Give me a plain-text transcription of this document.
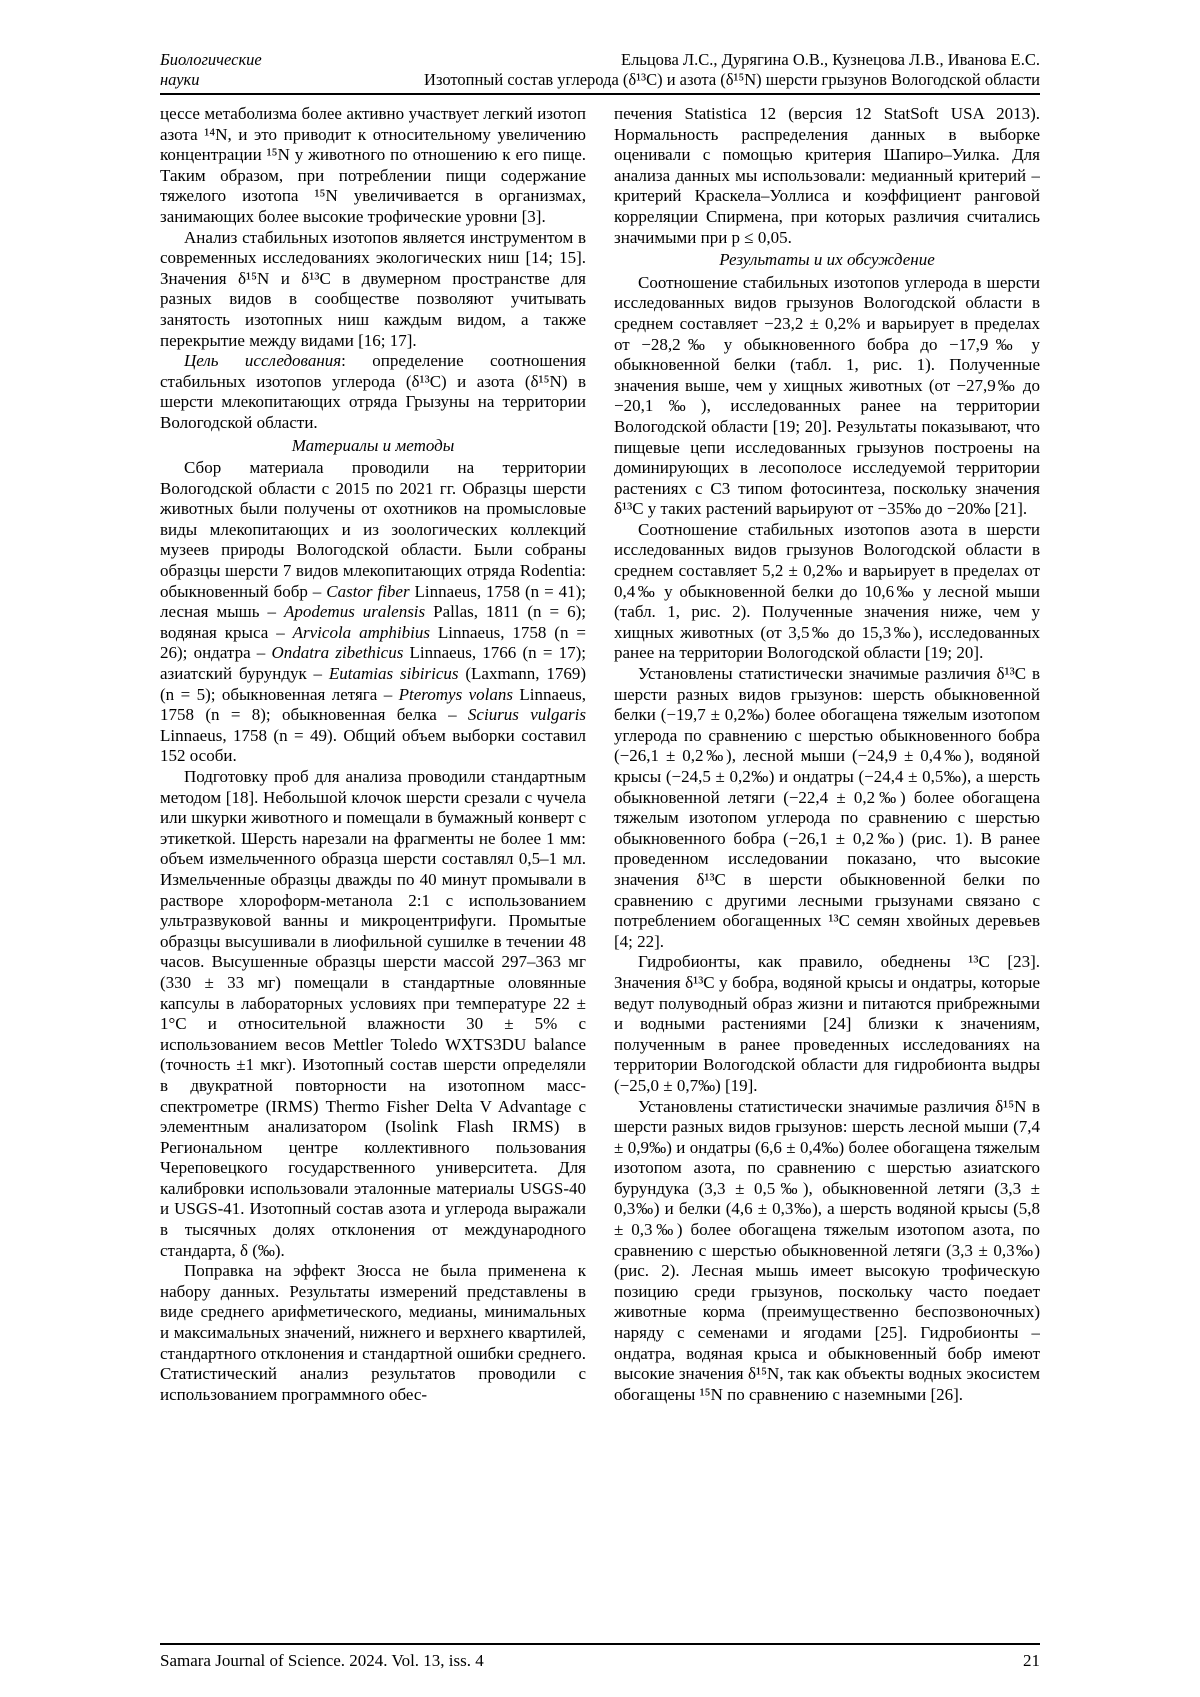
Биологические
науки
Ельцова Л.С., Дурягина О.В., Кузнецова Л.В., Иванова Е.С.
Изотопный состав углерода (δ¹³C) и азота (δ¹⁵N) шерсти грызунов Вологодской области

цессе метаболизма более активно участвует легкий изотоп азота ¹⁴N, и это приводит к относительному увеличению концентрации ¹⁵N у животного по отношению к его пище. Таким образом, при потреблении пищи содержание тяжелого изотопа ¹⁵N увеличивается в организмах, занимающих более высокие трофические уровни [3].

Анализ стабильных изотопов является инструментом в современных исследованиях экологических ниш [14; 15]. Значения δ¹⁵N и δ¹³C в двумерном пространстве для разных видов в сообществе позволяют учитывать занятость изотопных ниш каждым видом, а также перекрытие между видами [16; 17].

Цель исследования: определение соотношения стабильных изотопов углерода (δ¹³C) и азота (δ¹⁵N) в шерсти млекопитающих отряда Грызуны на территории Вологодской области.

Материалы и методы

Сбор материала проводили на территории Вологодской области с 2015 по 2021 гг. Образцы шерсти животных были получены от охотников на промысловые виды млекопитающих и из зоологических коллекций музеев природы Вологодской области. Были собраны образцы шерсти 7 видов млекопитающих отряда Rodentia: обыкновенный бобр – Castor fiber Linnaeus, 1758 (n = 41); лесная мышь – Apodemus uralensis Pallas, 1811 (n = 6); водяная крыса – Arvicola amphibius Linnaeus, 1758 (n = 26); ондатра – Ondatra zibethicus Linnaeus, 1766 (n = 17); азиатский бурундук – Eutamias sibiricus (Laxmann, 1769) (n = 5); обыкновенная летяга – Pteromys volans Linnaeus, 1758 (n = 8); обыкновенная белка – Sciurus vulgaris Linnaeus, 1758 (n = 49). Общий объем выборки составил 152 особи.

Подготовку проб для анализа проводили стандартным методом [18]. Небольшой клочок шерсти срезали с чучела или шкурки животного и помещали в бумажный конверт с этикеткой. Шерсть нарезали на фрагменты не более 1 мм: объем измельченного образца шерсти составлял 0,5–1 мл. Измельченные образцы дважды по 40 минут промывали в растворе хлороформ-метанола 2:1 с использованием ультразвуковой ванны и микроцентрифуги. Промытые образцы высушивали в лиофильной сушилке в течении 48 часов. Высушенные образцы шерсти массой 297–363 мг (330 ± 33 мг) помещали в стандартные оловянные капсулы в лабораторных условиях при температуре 22 ± 1°C и относительной влажности 30 ± 5% с использованием весов Mettler Toledo WXTS3DU balance (точность ±1 мкг). Изотопный состав шерсти определяли в двукратной повторности на изотопном масс-спектрометре (IRMS) Thermo Fisher Delta V Advantage с элементным анализатором (Isolink Flash IRMS) в Региональном центре коллективного пользования Череповецкого государственного университета. Для калибровки использовали эталонные материалы USGS-40 и USGS-41. Изотопный состав азота и углерода выражали в тысячных долях отклонения от международного стандарта, δ (‰).

Поправка на эффект Зюсса не была применена к набору данных. Результаты измерений представлены в виде среднего арифметического, медианы, минимальных и максимальных значений, нижнего и верхнего квартилей, стандартного отклонения и стандартной ошибки среднего. Статистический анализ результатов проводили с использованием программного обес-

печения Statistica 12 (версия 12 StatSoft USA 2013). Нормальность распределения данных в выборке оценивали с помощью критерия Шапиро–Уилка. Для анализа данных мы использовали: медианный критерий – критерий Краскела–Уоллиса и коэффициент ранговой корреляции Спирмена, при которых различия считались значимыми при p ≤ 0,05.

Результаты и их обсуждение

Соотношение стабильных изотопов углерода в шерсти исследованных видов грызунов Вологодской области в среднем составляет −23,2 ± 0,2% и варьирует в пределах от −28,2‰ у обыкновенного бобра до −17,9‰ у обыкновенной белки (табл. 1, рис. 1). Полученные значения выше, чем у хищных животных (от −27,9‰ до −20,1‰), исследованных ранее на территории Вологодской области [19; 20]. Результаты показывают, что пищевые цепи исследованных грызунов построены на доминирующих в лесополосе исследуемой территории растениях с C3 типом фотосинтеза, поскольку значения δ¹³C у таких растений варьируют от −35‰ до −20‰ [21].

Соотношение стабильных изотопов азота в шерсти исследованных видов грызунов Вологодской области в среднем составляет 5,2 ± 0,2‰ и варьирует в пределах от 0,4‰ у обыкновенной белки до 10,6‰ у лесной мыши (табл. 1, рис. 2). Полученные значения ниже, чем у хищных животных (от 3,5‰ до 15,3‰), исследованных ранее на территории Вологодской области [19; 20].

Установлены статистически значимые различия δ¹³C в шерсти разных видов грызунов: шерсть обыкновенной белки (−19,7 ± 0,2‰) более обогащена тяжелым изотопом углерода по сравнению с шерстью обыкновенного бобра (−26,1 ± 0,2‰), лесной мыши (−24,9 ± 0,4‰), водяной крысы (−24,5 ± 0,2‰) и ондатры (−24,4 ± 0,5‰), а шерсть обыкновенной летяги (−22,4 ± 0,2‰) более обогащена тяжелым изотопом углерода по сравнению с шерстью обыкновенного бобра (−26,1 ± 0,2‰) (рис. 1). В ранее проведенном исследовании показано, что высокие значения δ¹³C в шерсти обыкновенной белки по сравнению с другими лесными грызунами связано с потреблением обогащенных ¹³C семян хвойных деревьев [4; 22].

Гидробионты, как правило, обеднены ¹³C [23]. Значения δ¹³C у бобра, водяной крысы и ондатры, которые ведут полуводный образ жизни и питаются прибрежными и водными растениями [24] близки к значениям, полученным в ранее проведенных исследованиях на территории Вологодской области для гидробионта выдры (−25,0 ± 0,7‰) [19].

Установлены статистически значимые различия δ¹⁵N в шерсти разных видов грызунов: шерсть лесной мыши (7,4 ± 0,9‰) и ондатры (6,6 ± 0,4‰) более обогащена тяжелым изотопом азота, по сравнению с шерстью азиатского бурундука (3,3 ± 0,5‰), обыкновенной летяги (3,3 ± 0,3‰) и белки (4,6 ± 0,3‰), а шерсть водяной крысы (5,8 ± 0,3‰) более обогащена тяжелым изотопом азота, по сравнению с шерстью обыкновенной летяги (3,3 ± 0,3‰) (рис. 2). Лесная мышь имеет высокую трофическую позицию среди грызунов, поскольку часто поедает животные корма (преимущественно беспозвоночных) наряду с семенами и ягодами [25]. Гидробионты – ондатра, водяная крыса и обыкновенный бобр имеют высокие значения δ¹⁵N, так как объекты водных экосистем обогащены ¹⁵N по сравнению с наземными [26].

Samara Journal of Science. 2024. Vol. 13, iss. 4	21
